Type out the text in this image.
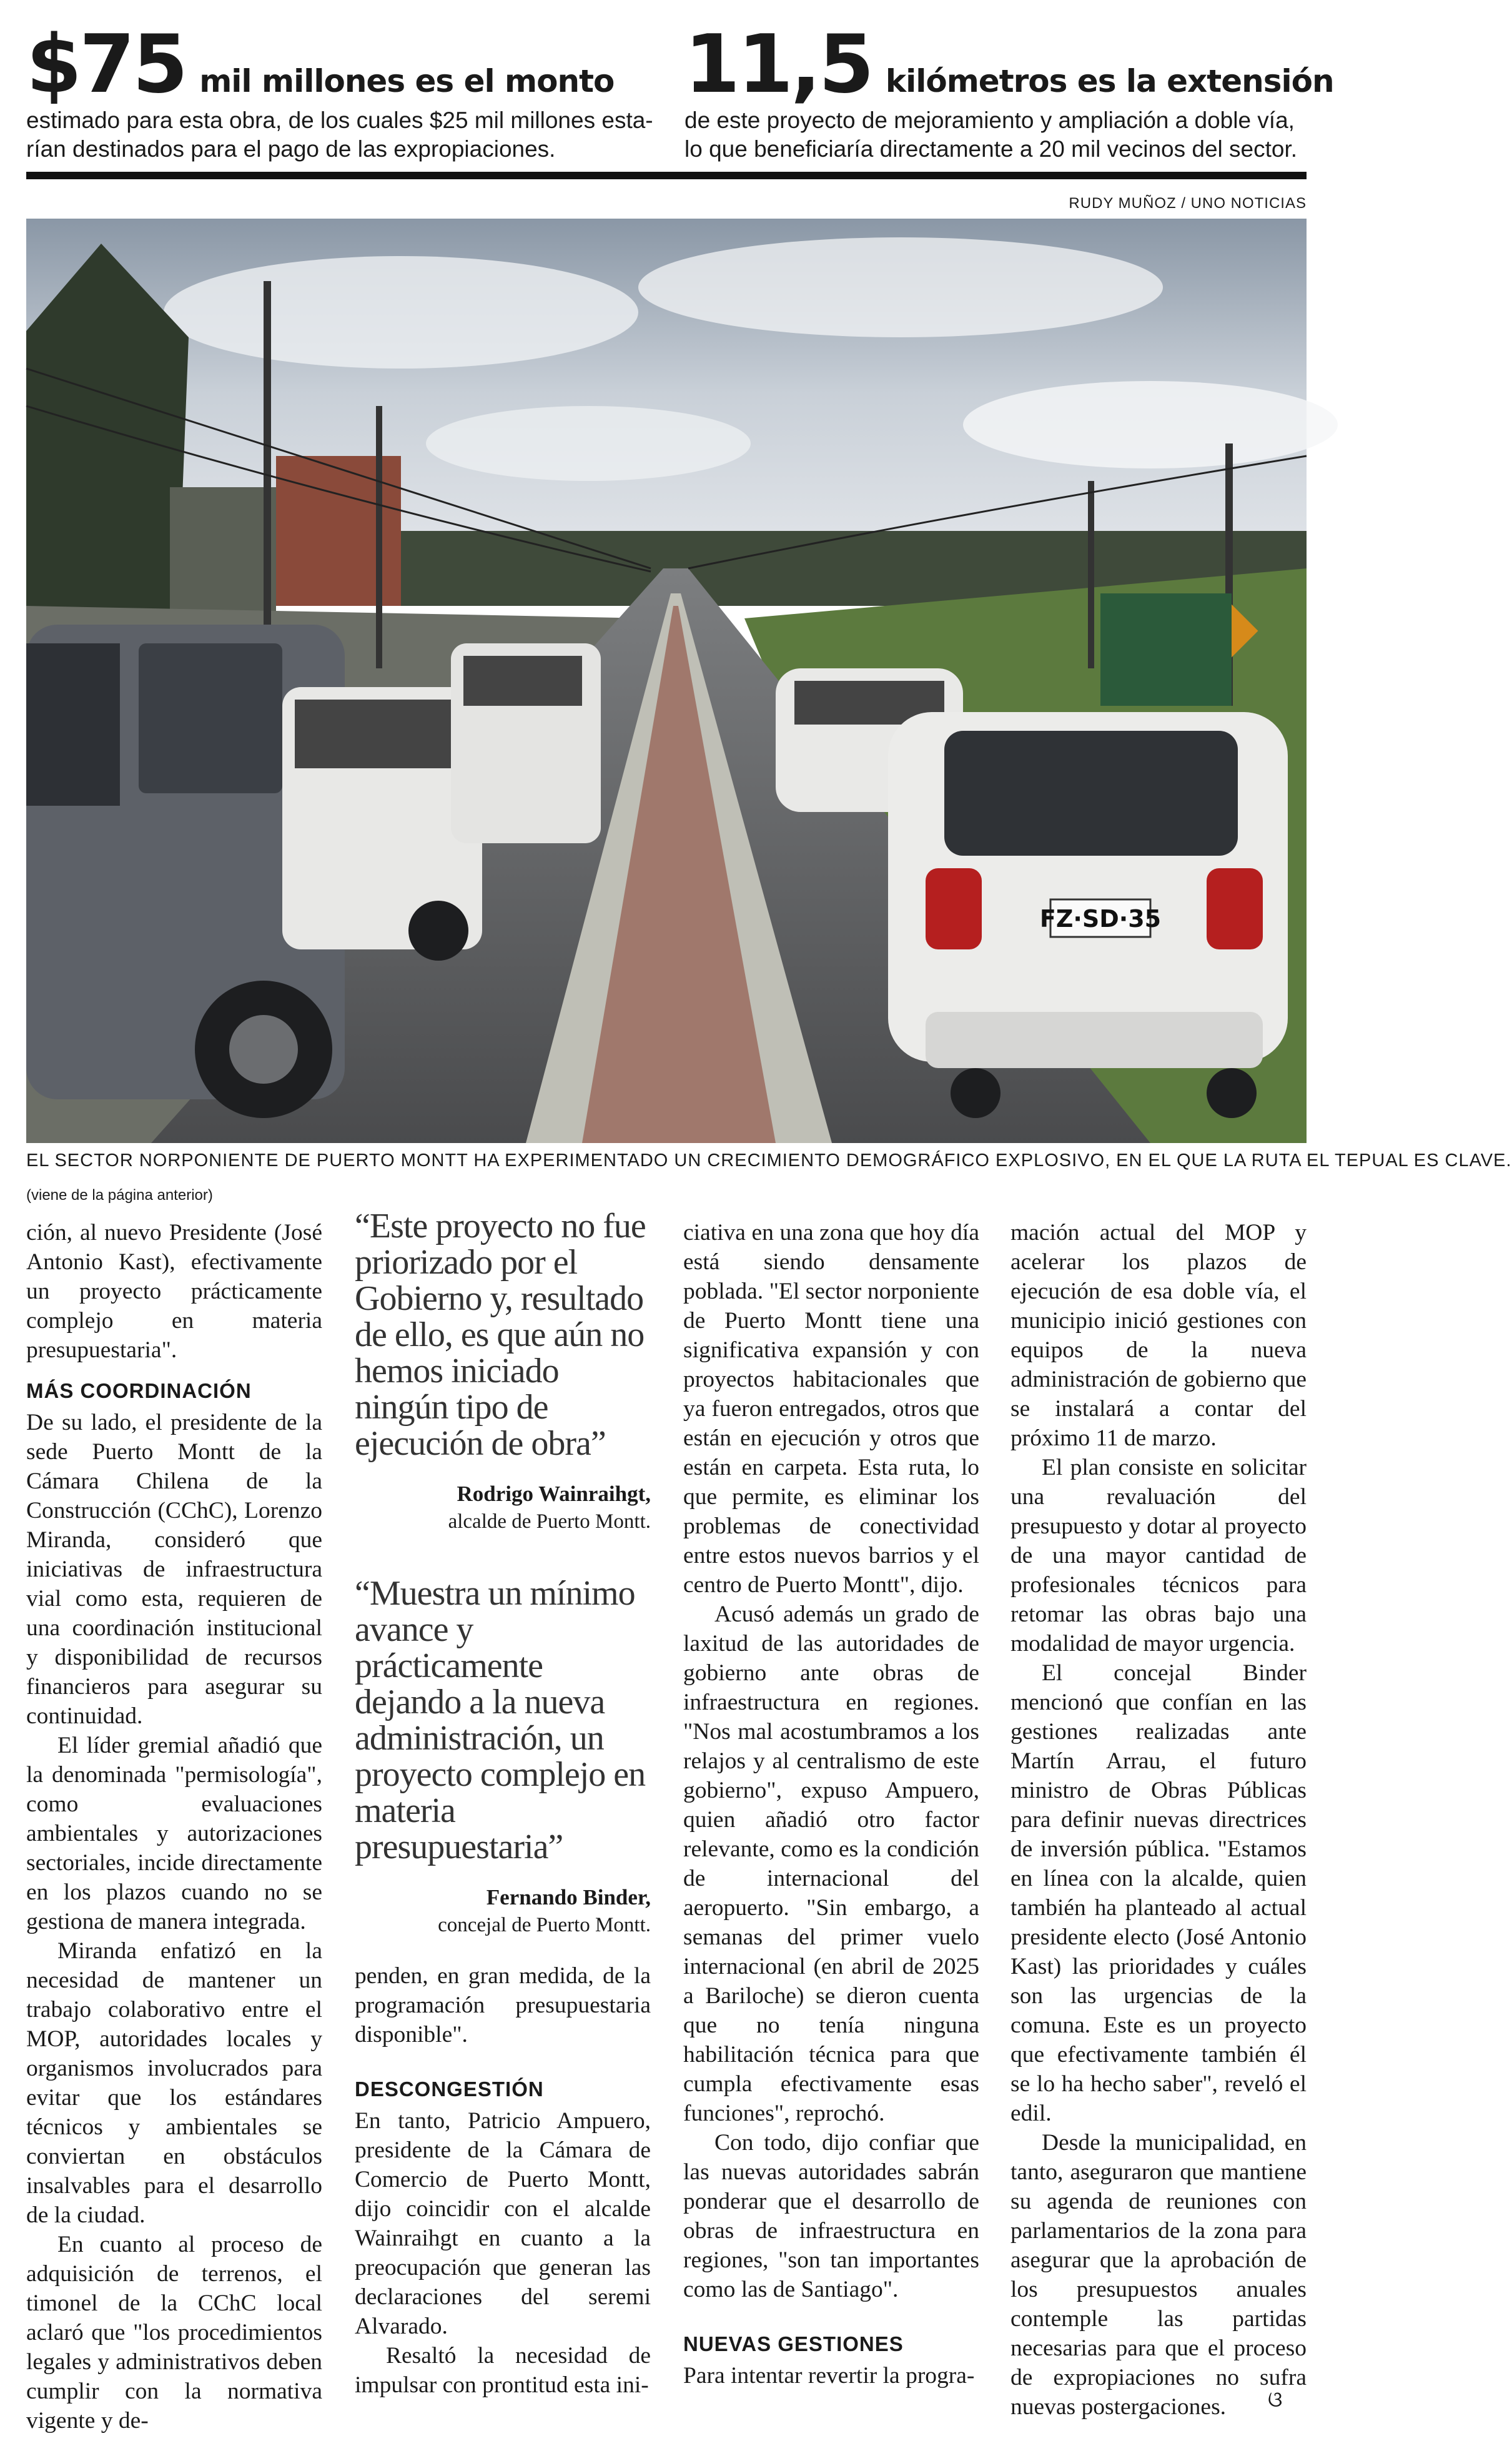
$75 mil millones es el monto
estimado para esta obra, de los cuales $25 mil millones esta-rían destinados para el pago de las expropiaciones.
11,5 kilómetros es la extensión
de este proyecto de mejoramiento y ampliación a doble vía, lo que beneficiaría directamente a 20 mil vecinos del sector.
RUDY MUÑOZ / UNO NOTICIAS
FZ·SD·35
EL SECTOR NORPONIENTE DE PUERTO MONTT HA EXPERIMENTADO UN CRECIMIENTO DEMOGRÁFICO EXPLOSIVO, EN EL QUE LA RUTA EL TEPUAL ES CLAVE.
(viene de la página anterior)

ción, al nuevo Presidente (José Antonio Kast), efectivamente un proyecto prácticamente complejo en materia presupuestaria".

MÁS COORDINACIÓN

De su lado, el presidente de la sede Puerto Montt de la Cámara Chilena de la Construcción (CChC), Lorenzo Miranda, consideró que iniciativas de infraestructura vial como esta, requieren de una coordinación institucional y disponibilidad de recursos financieros para asegurar su continuidad.

El líder gremial añadió que la denominada "permisología", como evaluaciones ambientales y autorizaciones sectoriales, incide directamente en los plazos cuando no se gestiona de manera integrada.

Miranda enfatizó en la necesidad de mantener un trabajo colaborativo entre el MOP, autoridades locales y organismos involucrados para evitar que los estándares técnicos y ambientales se conviertan en obstáculos insalvables para el desarrollo de la ciudad.

En cuanto al proceso de adquisición de terrenos, el timonel de la CChC local aclaró que "los procedimientos legales y administrativos deben cumplir con la normativa vigente y de-

“Este proyecto no fue priorizado por el Gobierno y, resultado de ello, es que aún no hemos iniciado ningún tipo de ejecución de obra”
Rodrigo Wainraihgt,
alcalde de Puerto Montt.
“Muestra un mínimo avance y prácticamente dejando a la nueva administración, un proyecto complejo en materia presupuestaria”
Fernando Binder,
concejal de Puerto Montt.

penden, en gran medida, de la programación presupuestaria disponible".

DESCONGESTIÓN

En tanto, Patricio Ampuero, presidente de la Cámara de Comercio de Puerto Montt, dijo coincidir con el alcalde Wainraihgt en cuanto a la preocupación que generan las declaraciones del seremi Alvarado.

Resaltó la necesidad de impulsar con prontitud esta ini-

ciativa en una zona que hoy día está siendo densamente poblada. "El sector norponiente de Puerto Montt tiene una significativa expansión y con proyectos habitacionales que ya fueron entregados, otros que están en ejecución y otros que están en carpeta. Esta ruta, lo que permite, es eliminar los problemas de conectividad entre estos nuevos barrios y el centro de Puerto Montt", dijo.

Acusó además un grado de laxitud de las autoridades de gobierno ante obras de infraestructura en regiones. "Nos mal acostumbramos a los relajos y al centralismo de este gobierno", expuso Ampuero, quien añadió otro factor relevante, como es la condición de internacional del aeropuerto. "Sin embargo, a semanas del primer vuelo internacional (en abril de 2025 a Bariloche) se dieron cuenta que no tenía ninguna habilitación técnica para que cumpla efectivamente esas funciones", reprochó.

Con todo, dijo confiar que las nuevas autoridades sabrán ponderar que el desarrollo de obras de infraestructura en regiones, "son tan importantes como las de Santiago".

NUEVAS GESTIONES

Para intentar revertir la progra-

mación actual del MOP y acelerar los plazos de ejecución de esa doble vía, el municipio inició gestiones con equipos de la nueva administración de gobierno que se instalará a contar del próximo 11 de marzo.

El plan consiste en solicitar una revaluación del presupuesto y dotar al proyecto de una mayor cantidad de profesionales técnicos para retomar las obras bajo una modalidad de mayor urgencia.

El concejal Binder mencionó que confían en las gestiones realizadas ante Martín Arrau, el futuro ministro de Obras Públicas para definir nuevas directrices de inversión pública. "Estamos en línea con la alcalde, quien también ha planteado al actual presidente electo (José Antonio Kast) las prioridades y cuáles son las urgencias de la comuna. Este es un proyecto que efectivamente también él se lo ha hecho saber", reveló el edil.

Desde la municipalidad, en tanto, aseguraron que mantiene su agenda de reuniones con parlamentarios de la zona para asegurar que la aprobación de los presupuestos anuales contemple las partidas necesarias para que el proceso de expropiaciones no sufra nuevas postergaciones.	ଓ
